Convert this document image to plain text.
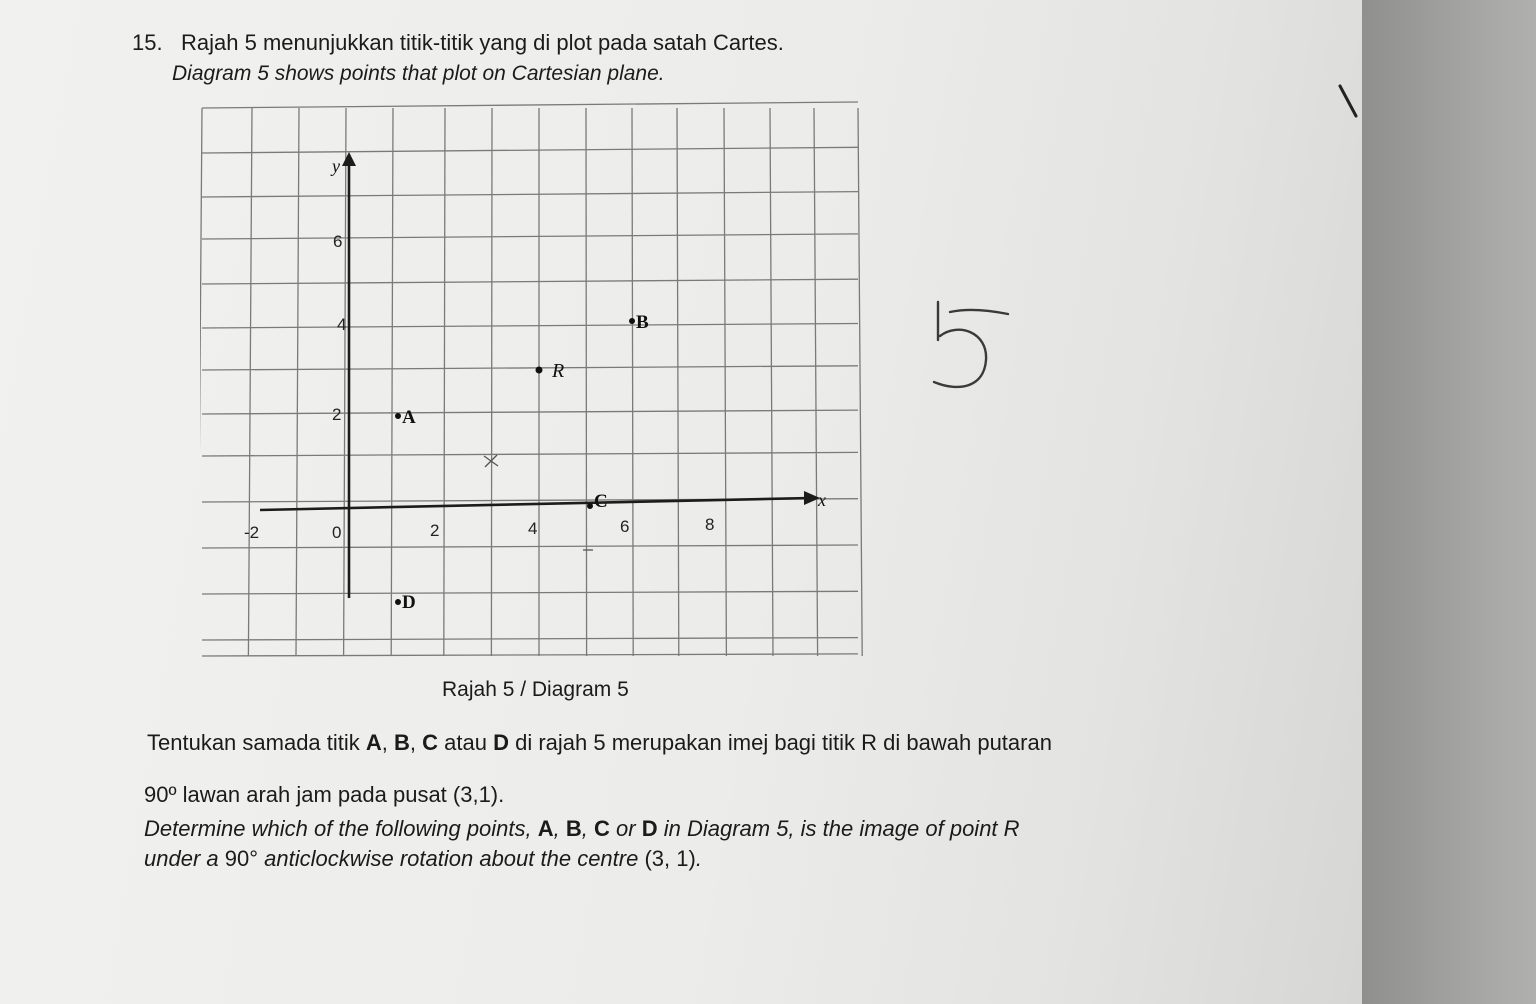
15. Rajah 5 menunjukkan titik-titik yang di plot pada satah Cartes.
Diagram 5 shows points that plot on Cartesian plane.
y
x
-2	0	2	4	6	8
2
4
6
A
B
R
C
D
Rajah 5 / Diagram 5
Tentukan samada titik A, B, C atau D di rajah 5 merupakan imej bagi titik R di bawah putaran
90º lawan arah jam pada pusat (3,1).
Determine which of the following points, A, B, C or D in Diagram 5, is the image of point R
under a 90° anticlockwise rotation about the centre (3, 1).
